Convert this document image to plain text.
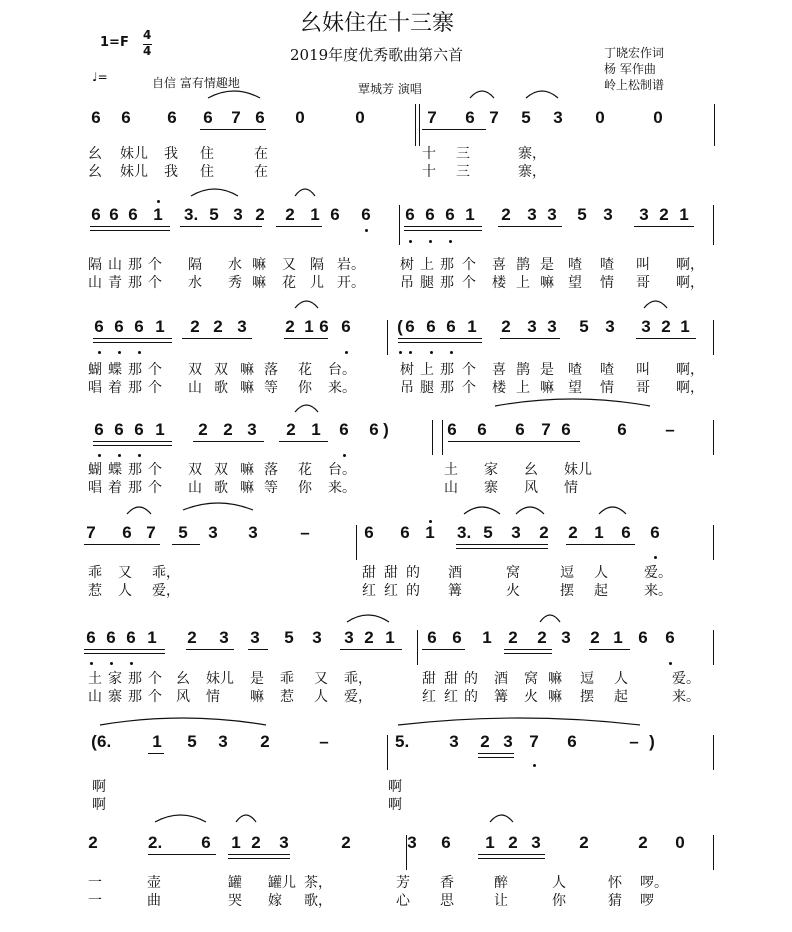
幺妹住在十三寨
2019年度优秀歌曲第六首
1=F 4
4
♩=	自信 富有情趣地	覃城芳 演唱
丁晓宏作词
杨 军作曲
岭上松制谱
6 6 6 6 7 6 0	0	7 6 7 5 3 0	0
幺 妹儿 我 住	在	十 三	寨，
幺 妹儿 我 住	在	十 三	寨，
6 6 6 1 3. 5 3 2 2 1 6 6 6 6 6 1 2 3 3 5 3 3 2 1
隔 山 那 个 隔 水 嘛 又 隔 岩。	树 上 那 个 喜 鹊 是 喳 喳 叫 啊，
山 青 那 个 水 秀 嘛 花 儿 开。	吊 腿 那 个 楼 上 嘛 望 情 哥 啊，
6 6 6 1 2 2 3 2 1 6 6	( 6 6 6 1 2 3 3 5 3 3 2 1
蝴 蝶 那 个 双 双 嘛 落 花 台。	树 上 那 个 喜 鹊 是 喳 喳 叫 啊，
唱 着 那 个 山 歌 嘛 等 你 来。	吊 腿 那 个 楼 上 嘛 望 情 哥 啊，
6 6 6 1 2 2 3 2 1 6 6 )	6 6 6 7 6	6 –
蝴 蝶 那 个 双 双 嘛 落 花 台。	土 家 幺 妹儿
唱 着 那 个 山 歌 嘛 等 你 来。	山 寨 风 情
7 6 7 5 3 3	–	6 6 1 3. 5 3 2 2 1 6 6
乖 又 乖，	甜 甜 的 酒	窝	逗 人	爱。
惹 人 爱，	红 红 的 篝	火	摆 起	来。
6 6 6 1 2 3 3 5 3 3 2 1 6 6 1 2 2 3 2 1 6 6
土 家 那 个 幺 妹儿 是 乖 又 乖，	甜 甜 的 酒 窝 嘛 逗 人	爱。
山 寨 那 个 风 情 嘛 惹 人 爱，	红 红 的 篝 火 嘛 摆 起	来。
( 6. 1 5 3 2	–	5. 3 2 3 7 6	– )
啊	啊
啊	啊
2	2. 6 1 2 3	2	3 6 1 2 3 2	2 0
一	壶	罐 罐儿 茶，	芳 香	醉	人	怀 啰。
一	曲	哭 嫁 歌，	心 思	让	你	猜 啰
